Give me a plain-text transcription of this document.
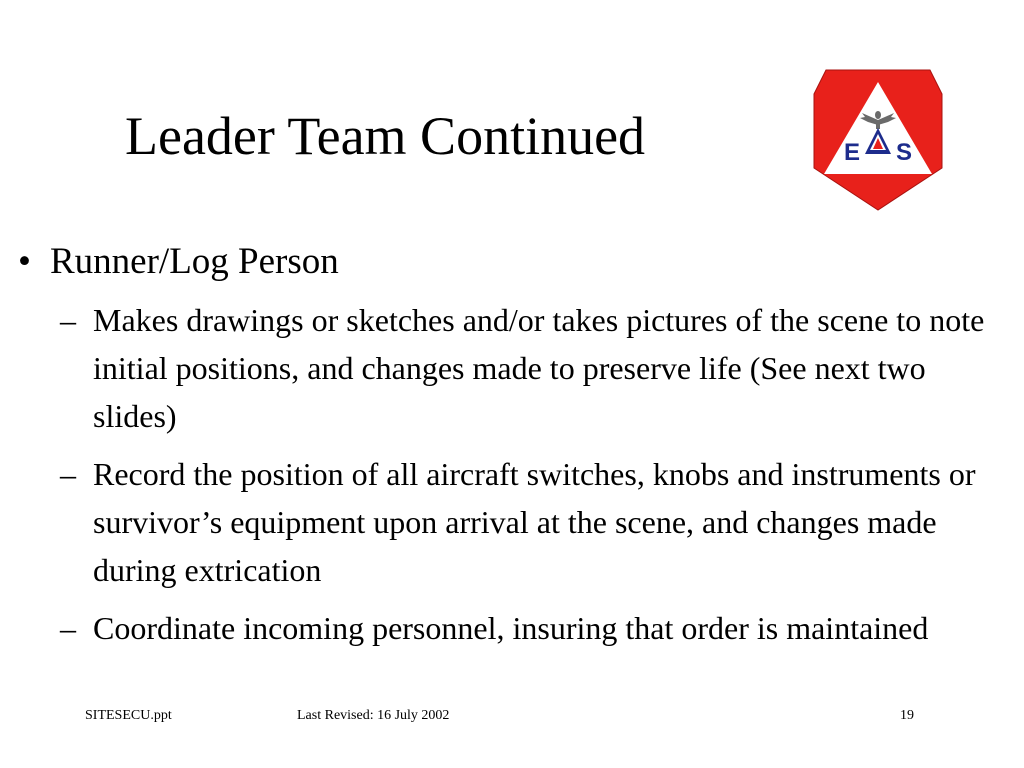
Leader Team Continued	E S
• Runner/Log Person
– Makes drawings or sketches and/or takes pictures of the scene to note initial positions, and changes made to preserve life (See next two slides)
– Record the position of all aircraft switches, knobs and instruments or survivor’s equipment upon arrival at the scene, and changes made during extrication
– Coordinate incoming personnel, insuring that order is maintained
SITESECU.ppt	Last Revised: 16 July 2002	19
